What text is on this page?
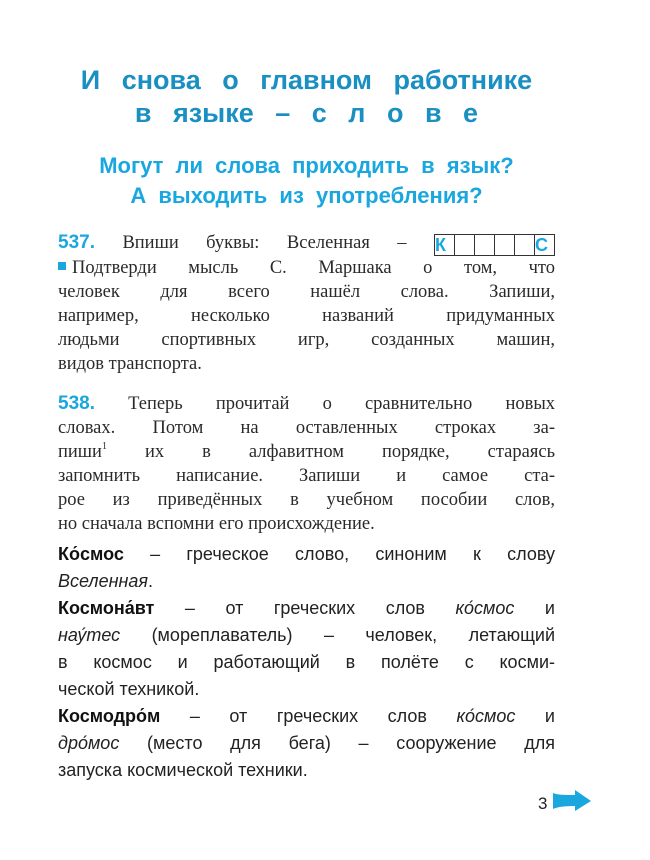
И снова о главном работнике
в языке – с л о в е
Могут ли слова приходить в язык?
А выходить из употребления?
537. Впиши буквы: Вселенная – К	С
Подтверди мысль С. Маршака о том, что
человек для всего нашёл слова. Запиши,
например, несколько названий придуманных
людьми спортивных игр, созданных машин,
видов транспорта.
538. Теперь прочитай о сравнительно новых
словах. Потом на оставленных строках за-
пиши$^1$ их в алфавитном порядке, стараясь
запомнить написание. Запиши и самое ста-
рое из приведённых в учебном пособии слов,
но сначала вспомни его происхождение.
Ко́смос – греческое слово, синоним к слову
Вселенная.
Космона́вт – от греческих слов ко́смос и
нау́тес (мореплаватель) – человек, летающий
в космос и работающий в полёте с косми-
ческой техникой.
Космодро́м – от греческих слов ко́смос и
дро́мос (место для бега) – сооружение для
запуска космической техники.
3
